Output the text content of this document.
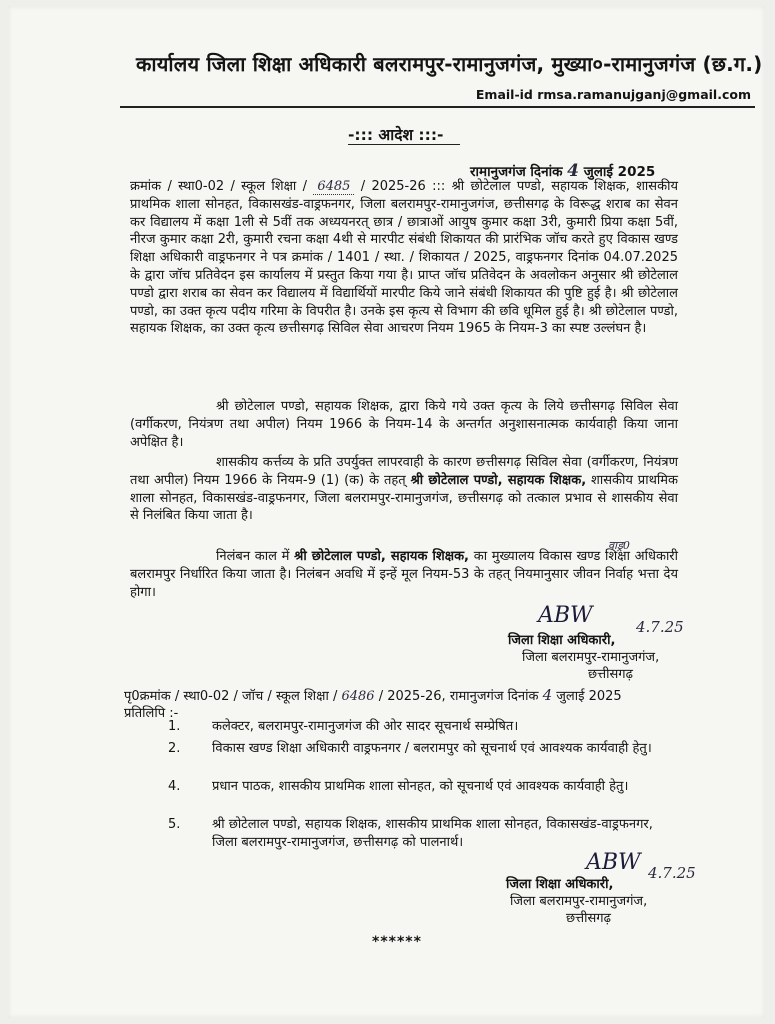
कार्यालय जिला शिक्षा अधिकारी बलरामपुर-रामानुजगंज, मुख्या०-रामानुजगंज (छ.ग.)
Email-id rmsa.ramanujganj@gmail.com
-::: आदेश :::-
रामानुजगंज दिनांक 4 जुलाई 2025
क्रमांक / स्था0-02 / स्कूल शिक्षा / 6485 / 2025-26 ::: श्री छोटेलाल पण्डो, सहायक शिक्षक, शासकीय प्राथमिक शाला सोनहत, विकासखंड-वाड्रफनगर, जिला बलरामपुर-रामानुजगंज, छत्तीसगढ़ के विरूद्ध शराब का सेवन कर विद्यालय में कक्षा 1ली से 5वीं तक अध्ययनरत् छात्र / छात्राओं आयुष कुमार कक्षा 3री, कुमारी प्रिया कक्षा 5वीं, नीरज कुमार कक्षा 2री, कुमारी रचना कक्षा 4थी से मारपीट संबंधी शिकायत की प्रारंभिक जॉच करते हुए विकास खण्ड शिक्षा अधिकारी वाड्रफनगर ने पत्र क्रमांक / 1401 / स्था. / शिकायत / 2025, वाड्रफनगर दिनांक 04.07.2025 के द्वारा जॉच प्रतिवेदन इस कार्यालय में प्रस्तुत किया गया है। प्राप्त जॉच प्रतिवेदन के अवलोकन अनुसार श्री छोटेलाल पण्डो द्वारा शराब का सेवन कर विद्यालय में विद्यार्थियों मारपीट किये जाने संबंधी शिकायत की पुष्टि हुई है। श्री छोटेलाल पण्डो, का उक्त कृत्य पदीय गरिमा के विपरीत है। उनके इस कृत्य से विभाग की छवि धूमिल हुई है। श्री छोटेलाल पण्डो, सहायक शिक्षक, का उक्त कृत्य छत्तीसगढ़ सिविल सेवा आचरण नियम 1965 के नियम-3 का स्पष्ट उल्लंघन है।
श्री छोटेलाल पण्डो, सहायक शिक्षक, द्वारा किये गये उक्त कृत्य के लिये छत्तीसगढ़ सिविल सेवा (वर्गीकरण, नियंत्रण तथा अपील) नियम 1966 के नियम-14 के अन्तर्गत अनुशासनात्मक कार्यवाही किया जाना अपेक्षित है।
शासकीय कर्त्तव्य के प्रति उपर्युक्त लापरवाही के कारण छत्तीसगढ़ सिविल सेवा (वर्गीकरण, नियंत्रण तथा अपील) नियम 1966 के नियम-9 (1) (क) के तहत् श्री छोटेलाल पण्डो, सहायक शिक्षक, शासकीय प्राथमिक शाला सोनहत, विकासखंड-वाड्रफनगर, जिला बलरामपुर-रामानुजगंज, छत्तीसगढ़ को तत्काल प्रभाव से शासकीय सेवा से निलंबित किया जाता है।
निलंबन काल में श्री छोटेलाल पण्डो, सहायक शिक्षक, का मुख्यालय विकास खण्ड शिक्षा अधिकारी बलरामपुर निर्धारित किया जाता है। निलंबन अवधि में इन्हें मूल नियम-53 के तहत् नियमानुसार जीवन निर्वाह भत्ता देय होगा।
वाड्र0
ABW	4.7.25
जिला शिक्षा अधिकारी,
जिला बलरामपुर-रामानुजगंज,
छत्तीसगढ़
पृ0क्रमांक / स्था0-02 / जॉच / स्कूल शिक्षा / 6486 / 2025-26, रामानुजगंज दिनांक 4 जुलाई 2025
प्रतिलिपि :-
1.	कलेक्टर, बलरामपुर-रामानुजगंज की ओर सादर सूचनार्थ सम्प्रेषित।
2.	विकास खण्ड शिक्षा अधिकारी वाड्रफनगर / बलरामपुर को सूचनार्थ एवं आवश्यक कार्यवाही हेतु।
4.	प्रधान पाठक, शासकीय प्राथमिक शाला सोनहत, को सूचनार्थ एवं आवश्यक कार्यवाही हेतु।
5.	श्री छोटेलाल पण्डो, सहायक शिक्षक, शासकीय प्राथमिक शाला सोनहत, विकासखंड-वाड्रफनगर, जिला बलरामपुर-रामानुजगंज, छत्तीसगढ़ को पालनार्थ।
ABW 4.7.25
जिला शिक्षा अधिकारी,
जिला बलरामपुर-रामानुजगंज,
छत्तीसगढ़
******
